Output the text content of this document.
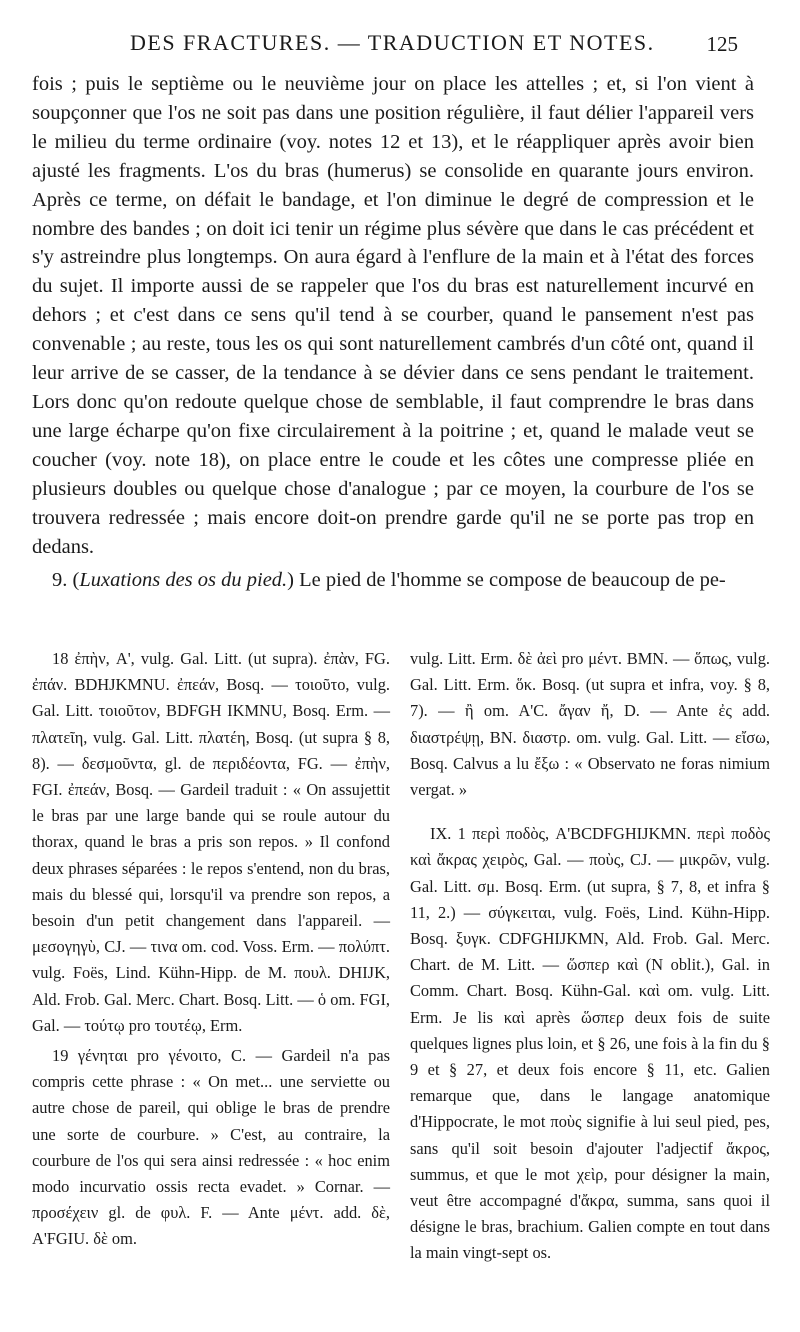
DES FRACTURES. — TRADUCTION ET NOTES. 125

fois ; puis le septième ou le neuvième jour on place les attelles ; et, si l'on vient à soupçonner que l'os ne soit pas dans une position régulière, il faut délier l'appareil vers le milieu du terme ordinaire (voy. notes 12 et 13), et le réappliquer après avoir bien ajusté les fragments. L'os du bras (humerus) se consolide en quarante jours environ. Après ce terme, on défait le bandage, et l'on diminue le degré de compression et le nombre des bandes ; on doit ici tenir un régime plus sévère que dans le cas précédent et s'y astreindre plus longtemps. On aura égard à l'enflure de la main et à l'état des forces du sujet. Il importe aussi de se rappeler que l'os du bras est naturellement incurvé en dehors ; et c'est dans ce sens qu'il tend à se courber, quand le pansement n'est pas convenable ; au reste, tous les os qui sont naturellement cambrés d'un côté ont, quand il leur arrive de se casser, de la tendance à se dévier dans ce sens pendant le traitement. Lors donc qu'on redoute quelque chose de semblable, il faut comprendre le bras dans une large écharpe qu'on fixe circulairement à la poitrine ; et, quand le malade veut se coucher (voy. note 18), on place entre le coude et les côtes une compresse pliée en plusieurs doubles ou quelque chose d'analogue ; par ce moyen, la courbure de l'os se trouvera redressée ; mais encore doit-on prendre garde qu'il ne se porte pas trop en dedans.

9. (Luxations des os du pied.) Le pied de l'homme se compose de beaucoup de pe-

18 ἐπὴν, A', vulg. Gal. Litt. (ut supra). ἐπὰν, FG. ἐπάν. BDHJKMNU. ἐπεάν, Bosq. — τοιοῦτο, vulg. Gal. Litt. τοιοῦτον, BDFGH IKMNU, Bosq. Erm. — πλατεῖη, vulg. Gal. Litt. πλατέη, Bosq. (ut supra § 8, 8). — δεσμοῦντα, gl. de περιδέοντα, FG. — ἐπὴν, FGI. ἐπεάν, Bosq. — Gardeil traduit : « On assujettit le bras par une large bande qui se roule autour du thorax, quand le bras a pris son repos. » Il confond deux phrases séparées : le repos s'entend, non du bras, mais du blessé qui, lorsqu'il va prendre son repos, a besoin d'un petit changement dans l'appareil. — μεσογηγὺ, CJ. — τινα om. cod. Voss. Erm. — πολύπτ. vulg. Foës, Lind. Kühn-Hipp. de M. πουλ. DHIJK, Ald. Frob. Gal. Merc. Chart. Bosq. Litt. — ὁ om. FGI, Gal. — τούτῳ pro τουτέῳ, Erm.

19 γένηται pro γένοιτο, C. — Gardeil n'a pas compris cette phrase : « On met... une serviette ou autre chose de pareil, qui oblige le bras de prendre une sorte de courbure. » C'est, au contraire, la courbure de l'os qui sera ainsi redressée : « hoc enim modo incurvatio ossis recta evadet. » Cornar. — προσέχειν gl. de φυλ. F. — Ante μέντ. add. δὲ, A'FGIU. δὲ om.

vulg. Litt. Erm. δὲ ἀεὶ pro μέντ. BMN. — ὅπως, vulg. Gal. Litt. Erm. ὅκ. Bosq. (ut supra et infra, voy. § 8, 7). — ἢ om. A'C. ἄγαν ἤ, D. — Ante ἐς add. διαστρέψῃ, BN. διαστρ. om. vulg. Gal. Litt. — εἴσω, Bosq. Calvus a lu ἔξω : « Observato ne foras nimium vergat. »

IX. 1 περὶ ποδὸς, A'BCDFGHIJKMN. περὶ ποδὸς καὶ ἄκρας χειρὸς, Gal. — ποὺς, CJ. — μικρῶν, vulg. Gal. Litt. σμ. Bosq. Erm. (ut supra, § 7, 8, et infra § 11, 2.) — σύγκειται, vulg. Foës, Lind. Kühn-Hipp. Bosq. ξυγκ. CDFGHIJKMN, Ald. Frob. Gal. Merc. Chart. de M. Litt. — ὥσπερ καὶ (N oblit.), Gal. in Comm. Chart. Bosq. Kühn-Gal. καὶ om. vulg. Litt. Erm. Je lis καὶ après ὥσπερ deux fois de suite quelques lignes plus loin, et § 26, une fois à la fin du § 9 et § 27, et deux fois encore § 11, etc. Galien remarque que, dans le langage anatomique d'Hippocrate, le mot ποὺς signifie à lui seul pied, pes, sans qu'il soit besoin d'ajouter l'adjectif ἄκρος, summus, et que le mot χεὶρ, pour désigner la main, veut être accompagné d'ἄκρα, summa, sans quoi il désigne le bras, brachium. Galien compte en tout dans la main vingt-sept os.
